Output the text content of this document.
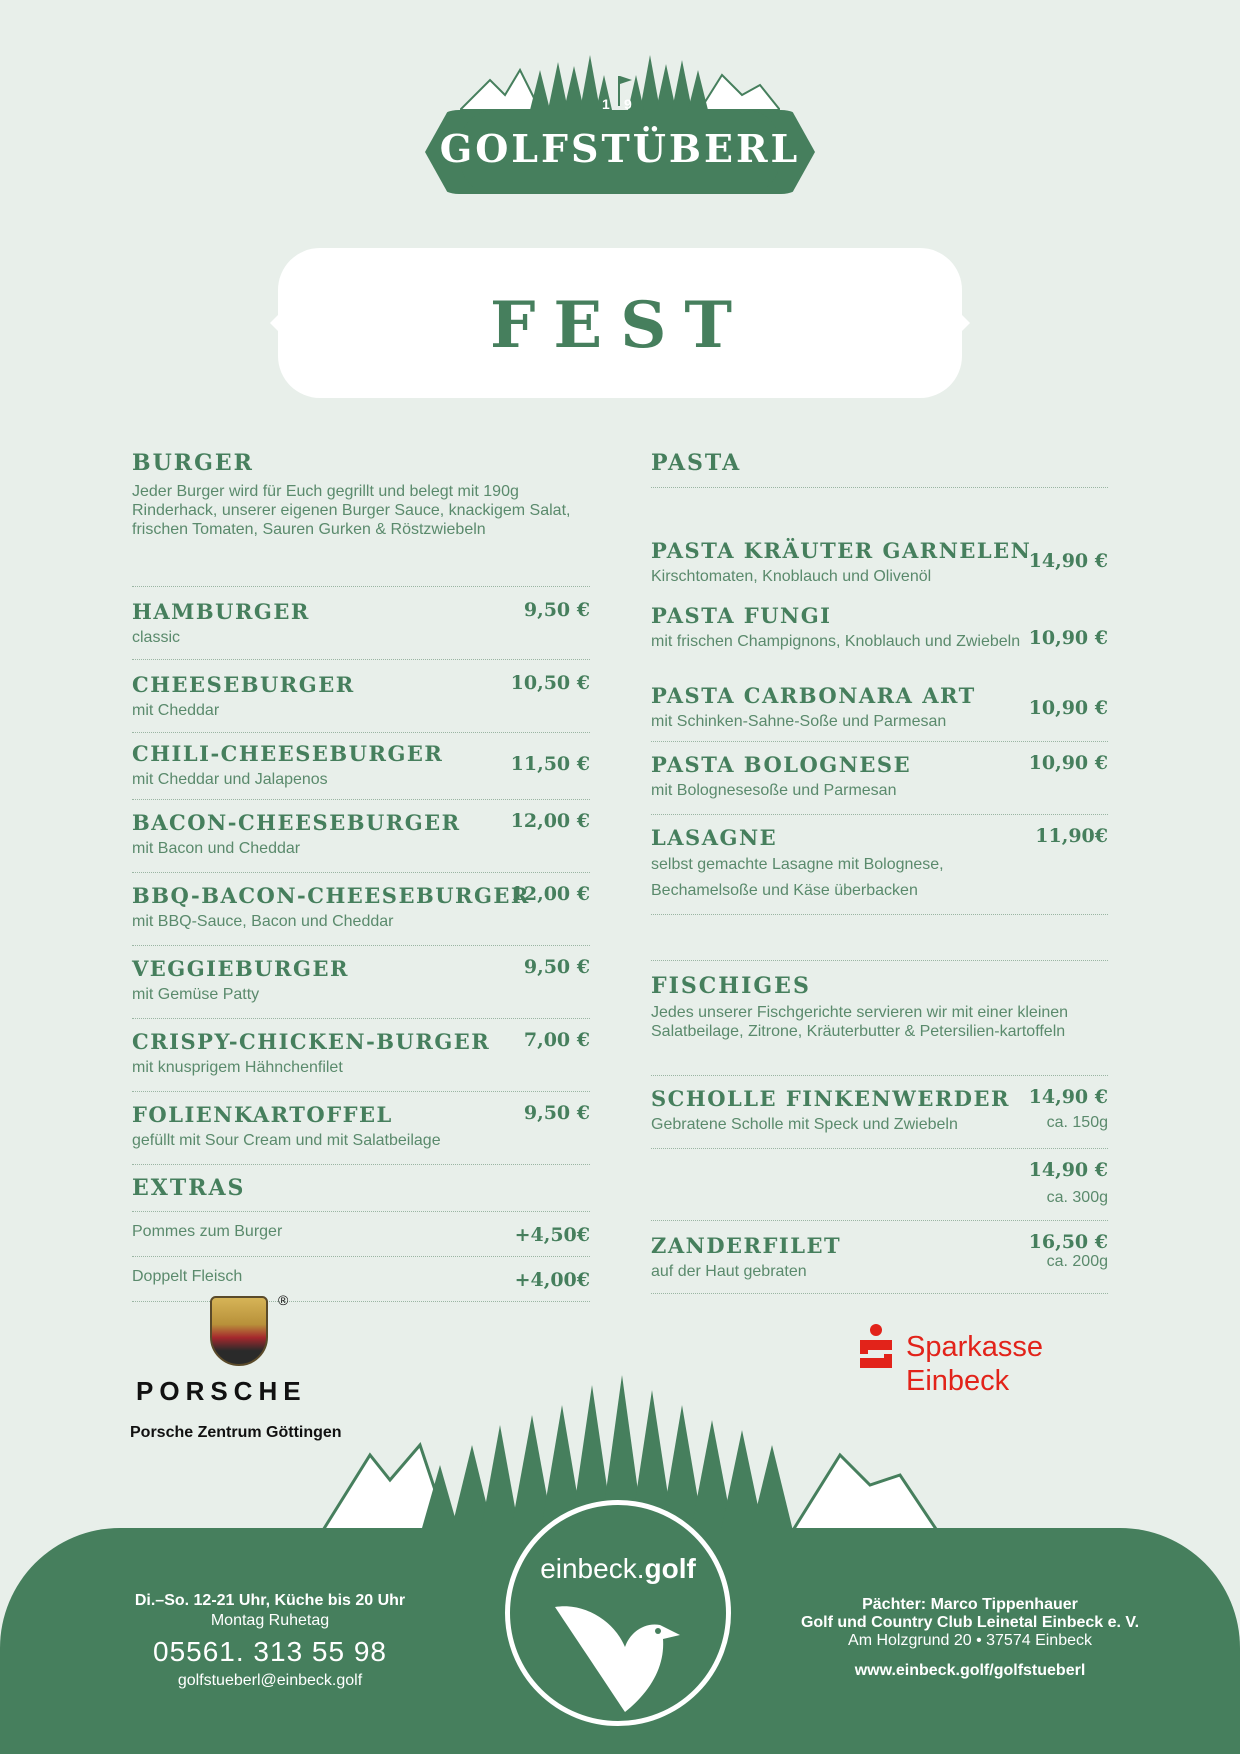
1 9
GOLFSTÜBERL
FEST
BURGER
Jeder Burger wird für Euch gegrillt und belegt mit 190g Rinderhack, unserer eigenen Burger Sauce, knackigem Salat, frischen Tomaten, Sauren Gurken & Röstzwiebeln
HAMBURGER
classic
9,50 €
CHEESEBURGER
mit Cheddar
10,50 €
CHILI-CHEESEBURGER
mit Cheddar und Jalapenos
11,50 €
BACON-CHEESEBURGER
mit Bacon und Cheddar
12,00 €
BBQ-BACON-CHEESEBURGER
mit BBQ-Sauce, Bacon und Cheddar
12,00 €
VEGGIEBURGER
mit Gemüse Patty
9,50 €
CRISPY-CHICKEN-BURGER
mit knusprigem Hähnchenfilet
7,00 €
FOLIENKARTOFFEL
gefüllt mit Sour Cream und mit Salatbeilage
9,50 €
EXTRAS
Pommes zum Burger	+4,50€
Doppelt Fleisch	+4,00€
PASTA
PASTA KRÄUTER GARNELEN
Kirschtomaten, Knoblauch und Olivenöl
14,90 €
PASTA FUNGI
mit frischen Champignons, Knoblauch und Zwiebeln 10,90 €
PASTA CARBONARA ART
mit Schinken-Sahne-Soße und Parmesan
10,90 €
PASTA BOLOGNESE
mit Bolognesesoße und Parmesan
10,90 €
LASAGNE
selbst gemachte Lasagne mit Bolognese, Bechamelsoße und Käse überbacken
11,90€
FISCHIGES
Jedes unserer Fischgerichte servieren wir mit einer kleinen Salatbeilage, Zitrone, Kräuterbutter & Petersilien-kartoffeln
SCHOLLE FINKENWERDER
Gebratene Scholle mit Speck und Zwiebeln
14,90 €
ca. 150g
14,90 €
ca. 300g
ZANDERFILET
auf der Haut gebraten
16,50 €
ca. 200g
®
PORSCHE
Porsche Zentrum Göttingen
Sparkasse
Einbeck
einbeck.golf
Di.–So. 12-21 Uhr, Küche bis 20 Uhr
Montag Ruhetag
05561. 313 55 98
golfstueberl@einbeck.golf
Pächter: Marco Tippenhauer
Golf und Country Club Leinetal Einbeck e. V.
Am Holzgrund 20 • 37574 Einbeck
www.einbeck.golf/golfstueberl
